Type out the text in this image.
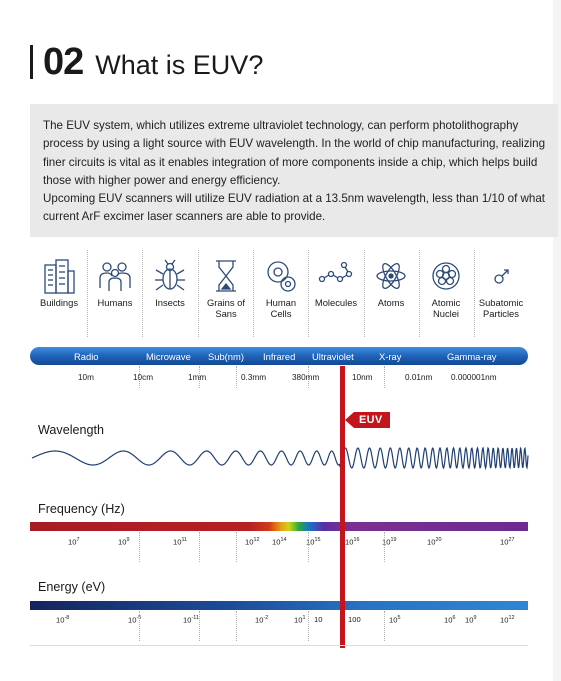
02 What is EUV?

The EUV system, which utilizes extreme ultraviolet technology, can perform photolithography process by using a light source with EUV wavelength. In the world of chip manufacturing, realizing finer circuits is vital as it enables integration of more components inside a chip, which helps build those with higher power and energy efficiency.

Upcoming EUV scanners will utilize EUV radiation at a 13.5nm wavelength, less than 1/10 of what current ArF excimer laser scanners are able to provide.

Buildings	Humans	Insects	Grains of Sans
Human Cells
Molecules	Atoms	Atomic Nuclei
Subatomic Particles
Radio	Microwave Sub(nm) Infrared Ultraviolet	X-ray	Gamma-ray
10m	10cm	1mm	0.3mm	380mm	10nm	0.01nm 0.000001nm
Wavelength
Frequency (Hz)
$10^7$	$10^9$	$10^{11}$	$10^{12}$ $10^{14}$	$10^{15}$	$10^{16}$	$10^{19}$	$10^{20}$	$10^{27}$
Energy (eV)
$10^{-8}$	$10^{-5}$	$10^{-11}$	$10^{-2}$	$10^1$ 10	100	$10^5$	$10^6$ $10^9$	$10^{12}$
EUV
